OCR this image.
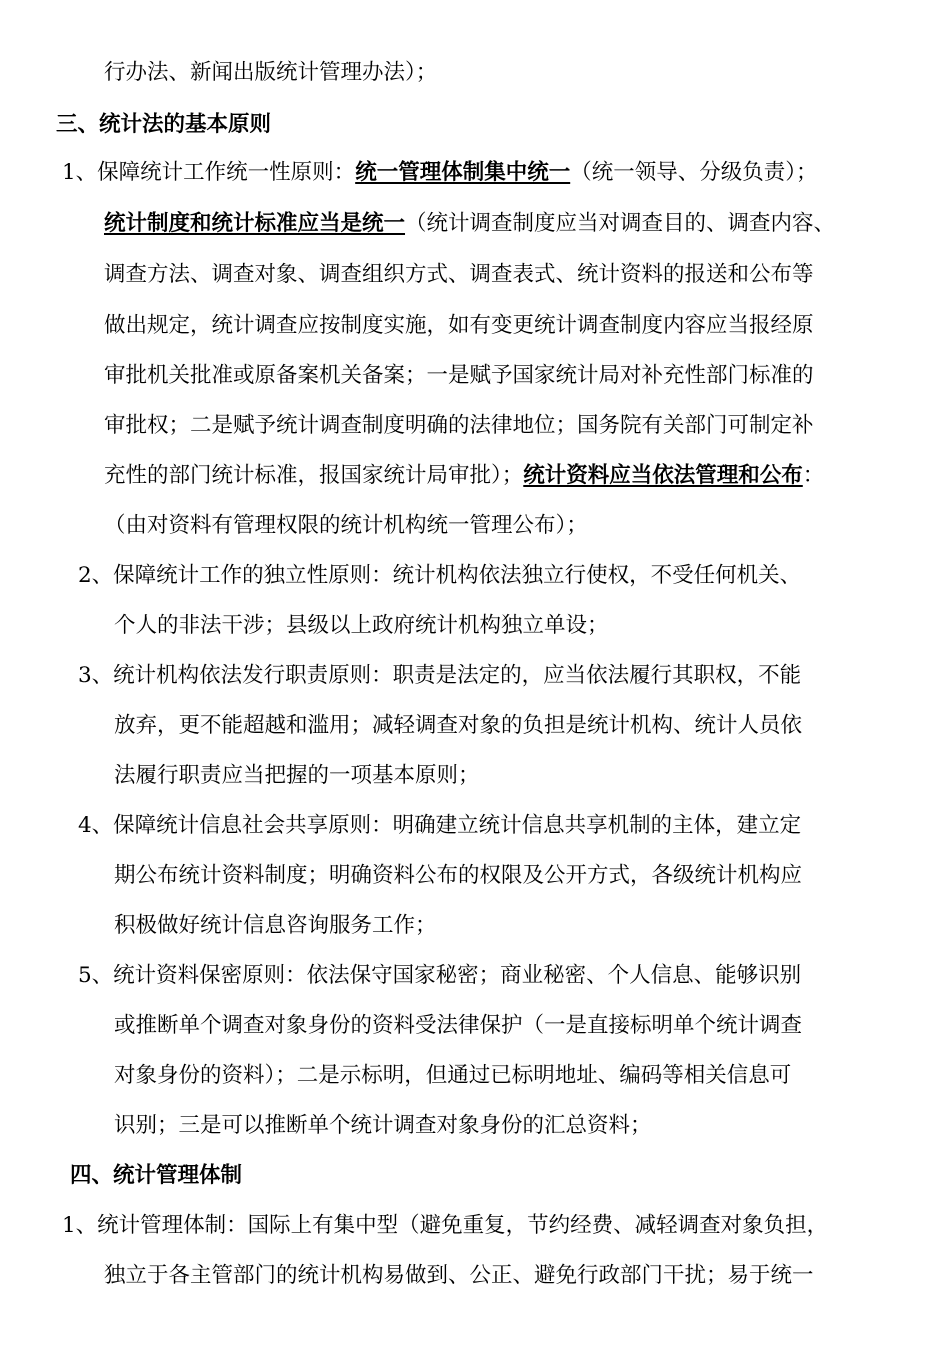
行办法、新闻出版统计管理办法）；
三、统计法的基本原则
1、保障统计工作统一性原则：统一管理体制集中统一（统一领导、分级负责）；
统计制度和统计标准应当是统一（统计调查制度应当对调查目的、调查内容、
调查方法、调查对象、调查组织方式、调查表式、统计资料的报送和公布等
做出规定，统计调查应按制度实施，如有变更统计调查制度内容应当报经原
审批机关批准或原备案机关备案；一是赋予国家统计局对补充性部门标准的
审批权；二是赋予统计调查制度明确的法律地位；国务院有关部门可制定补
充性的部门统计标准，报国家统计局审批）；统计资料应当依法管理和公布：
（由对资料有管理权限的统计机构统一管理公布）；
2、保障统计工作的独立性原则：统计机构依法独立行使权，不受任何机关、
个人的非法干涉；县级以上政府统计机构独立单设；
3、统计机构依法发行职责原则：职责是法定的，应当依法履行其职权，不能
放弃，更不能超越和滥用；减轻调查对象的负担是统计机构、统计人员依
法履行职责应当把握的一项基本原则；
4、保障统计信息社会共享原则：明确建立统计信息共享机制的主体，建立定
期公布统计资料制度；明确资料公布的权限及公开方式，各级统计机构应
积极做好统计信息咨询服务工作；
5、统计资料保密原则：依法保守国家秘密；商业秘密、个人信息、能够识别
或推断单个调查对象身份的资料受法律保护（一是直接标明单个统计调查
对象身份的资料）；二是示标明，但通过已标明地址、编码等相关信息可
识别；三是可以推断单个统计调查对象身份的汇总资料；
四、统计管理体制
1、统计管理体制：国际上有集中型（避免重复，节约经费、减轻调查对象负担，
独立于各主管部门的统计机构易做到、公正、避免行政部门干扰；易于统一
